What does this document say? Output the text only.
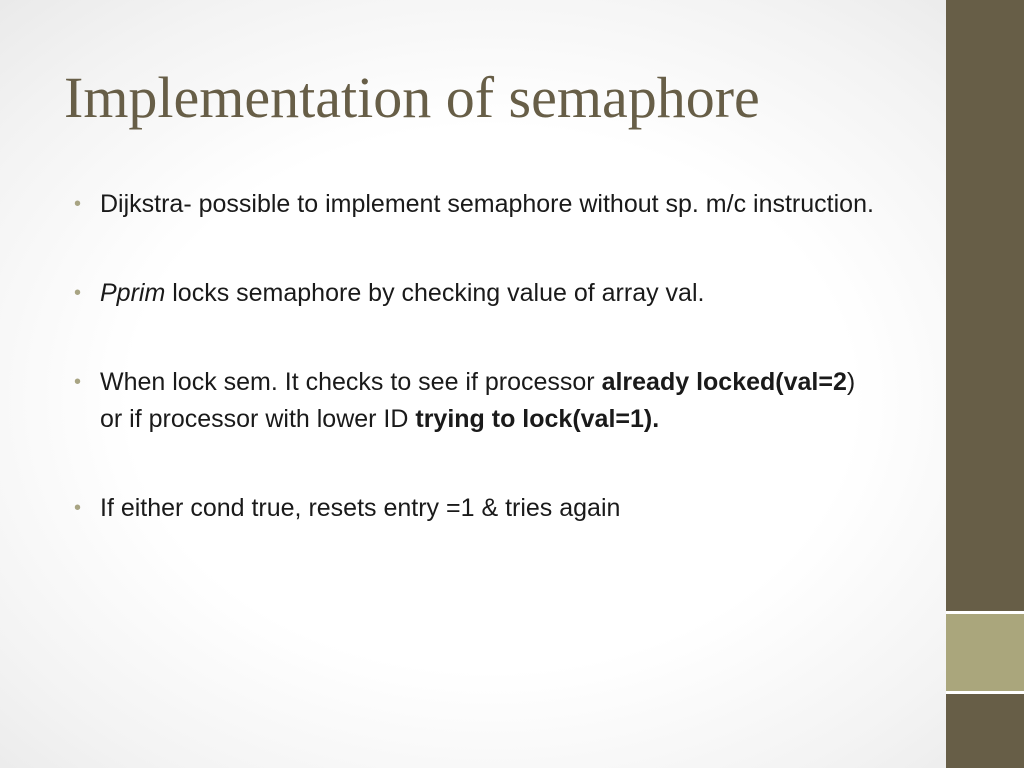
Implementation of semaphore
• Dijkstra- possible to implement semaphore without sp. m/c instruction.
• Pprim locks semaphore by checking value of array val.
• When lock sem. It checks to see if processor already locked(val=2) or if processor with lower ID trying to lock(val=1).
• If either cond true, resets entry =1 & tries again
